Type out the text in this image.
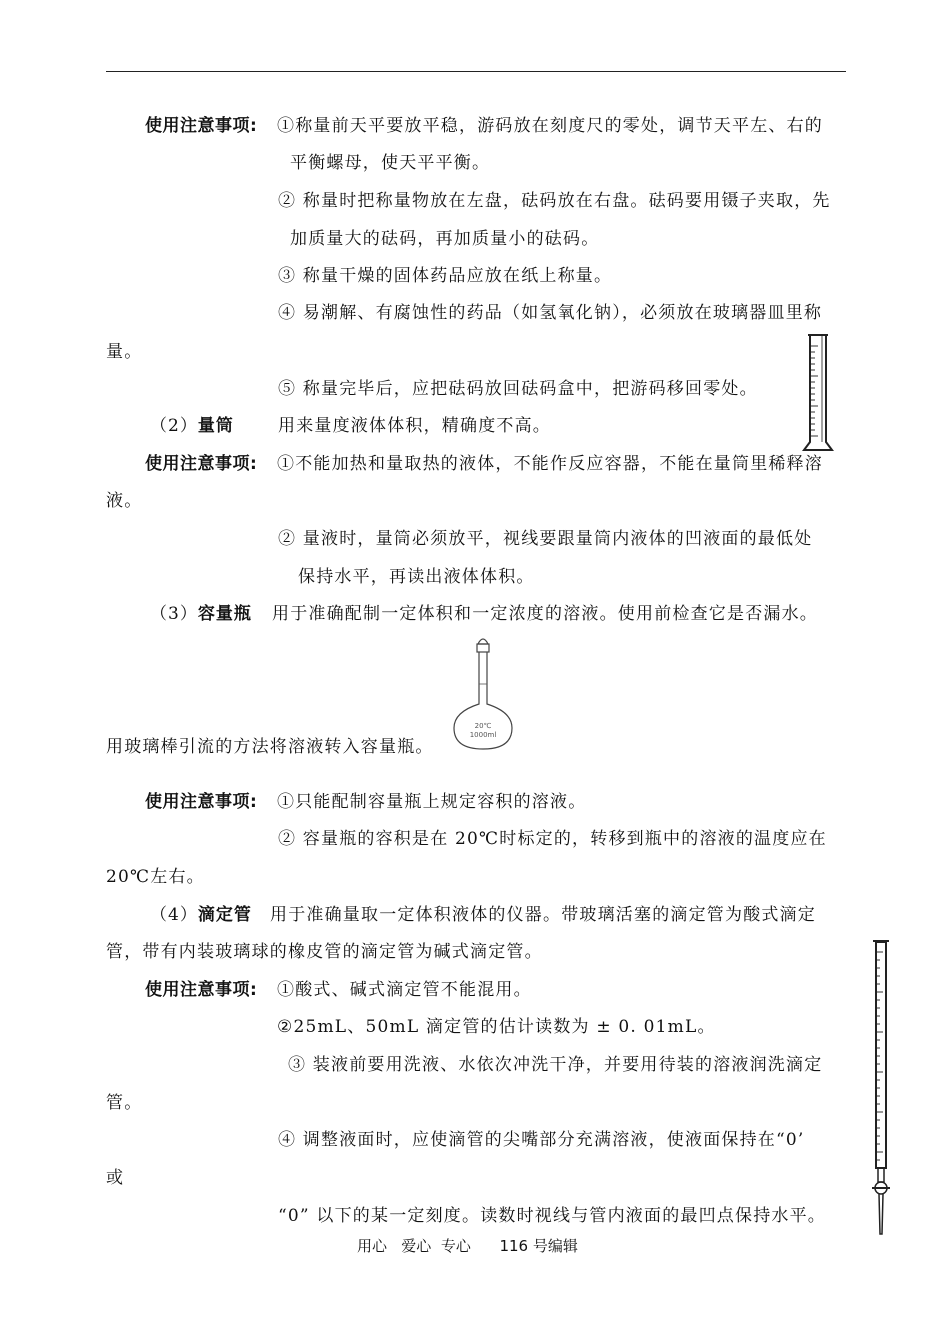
使用注意事项: ①称量前天平要放平稳，游码放在刻度尺的零处，调节天平左、右的
平衡螺母，使天平平衡。
② 称量时把称量物放在左盘，砝码放在右盘。砝码要用镊子夹取，先
加质量大的砝码，再加质量小的砝码。
③ 称量干燥的固体药品应放在纸上称量。
④ 易潮解、有腐蚀性的药品（如氢氧化钠），必须放在玻璃器皿里称
量。
⑤ 称量完毕后，应把砝码放回砝码盒中，把游码移回零处。
（2）量筒	用来量度液体体积，精确度不高。
使用注意事项: ①不能加热和量取热的液体，不能作反应容器，不能在量筒里稀释溶
液。
② 量液时，量筒必须放平，视线要跟量筒内液体的凹液面的最低处
保持水平，再读出液体体积。
（3）容量瓶 用于准确配制一定体积和一定浓度的溶液。使用前检查它是否漏水。
用玻璃棒引流的方法将溶液转入容量瓶。
20℃
1000ml
使用注意事项: ①只能配制容量瓶上规定容积的溶液。
② 容量瓶的容积是在 20℃时标定的，转移到瓶中的溶液的温度应在
20℃左右。
（4）滴定管 用于准确量取一定体积液体的仪器。带玻璃活塞的滴定管为酸式滴定
管，带有内装玻璃球的橡皮管的滴定管为碱式滴定管。
使用注意事项: ①酸式、碱式滴定管不能混用。
②25mL、50mL 滴定管的估计读数为 ± 0. 01mL。
③ 装液前要用洗液、水依次冲洗干净，并要用待装的溶液润洗滴定
管。
④ 调整液面时，应使滴管的尖嘴部分充满溶液，使液面保持在“0’
或
“0” 以下的某一定刻度。读数时视线与管内液面的最凹点保持水平。
用心   爱心  专心      116 号编辑
